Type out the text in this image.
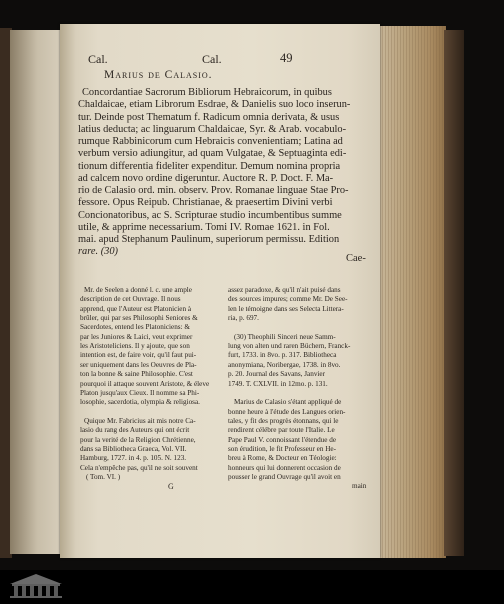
Cal.	Cal.	49
Marius de Calasio.
Concordantiae Sacrorum Bibliorum Hebraicorum, in quibus
Chaldaicae, etiam Librorum Esdrae, & Danielis suo loco inserun-
tur. Deinde post Thematum f. Radicum omnia derivata, & usus
latius deducta; ac linguarum Chaldaicae, Syr. & Arab. vocabulo-
rumque Rabbinicorum cum Hebraicis convenientiam; Latina ad
verbum versio adiungitur, ad quam Vulgatae, & Septuaginta edi-
tionum differentia fideliter expenditur. Demum nomina propria
ad calcem novo ordine digeruntur. Auctore R. P. Doct. F. Ma-
rio de Calasio ord. min. observ. Prov. Romanae linguae Stae Pro-
fessore. Opus Reipub. Christianae, & praesertim Divini verbi
Concionatoribus, ac S. Scripturae studio incumbentibus summe
utile, & apprime necessarium. Tomi IV. Romae 1621. in Fol.
mai. apud Stephanum Paulinum, superiorum permissu. Edition
rare. (30)
Cae-
Mr. de Seelen a donné l. c. une ample
description de cet Ouvrage. Il nous
apprend, que l'Auteur est Platonicien à
brûler, qui par ses Philosophi Seniores &
Sacerdotes, entend les Platoniciens: &
par les Juniores & Laici, veut exprimer
les Aristoteliciens. Il y ajoute, que son
intention est, de faire voir, qu'il faut pui-
ser uniquement dans les Oeuvres de Pla-
ton la bonne & saine Philosophie. C'est
pourquoi il attaque souvent Aristote, & éleve
Platon jusqu'aux Cieux. Il nomme sa Phi-
losophie, sacerdotia, olympia & religiosa.
Quique Mr. Fabricius ait mis notre Ca-
lasio du rang des Auteurs qui ont écrit
pour la verité de la Religion Chrétienne,
dans sa Bibliotheca Graeca, Vol. VII.
Hamburg, 1727. in 4. p. 105. N. 123.
Cela n'empêche pas, qu'il ne soit souvent
( Tom. VI. )
assez paradoxe, & qu'il n'ait puisé dans
des sources impures; comme Mr. De See-
len le témoigne dans ses Selecta Littera-
ria, p. 697.
(30) Theophili Sinceri neue Samm-
lung von alten und raren Büchern, Franck-
furt, 1733. in 8vo. p. 317. Bibliotheca
anonymiana, Noribergae, 1738. in 8vo.
p. 20. Journal des Savans, Janvier
1749. T. CXLVII. in 12mo. p. 131.
Marius de Calasio s'étant appliqué de
bonne heure à l'étude des Langues orien-
tales, y fit des progrès étonnans, qui le
rendirent célébre par toute l'Italie. Le
Pape Paul V. connoissant l'étendue de
son érudition, le fit Professeur en He-
breu à Rome, & Docteur en Téologie:
honneurs qui lui donnerent occasion de
pousser le grand Ouvrage qu'il avoit en
main
G
